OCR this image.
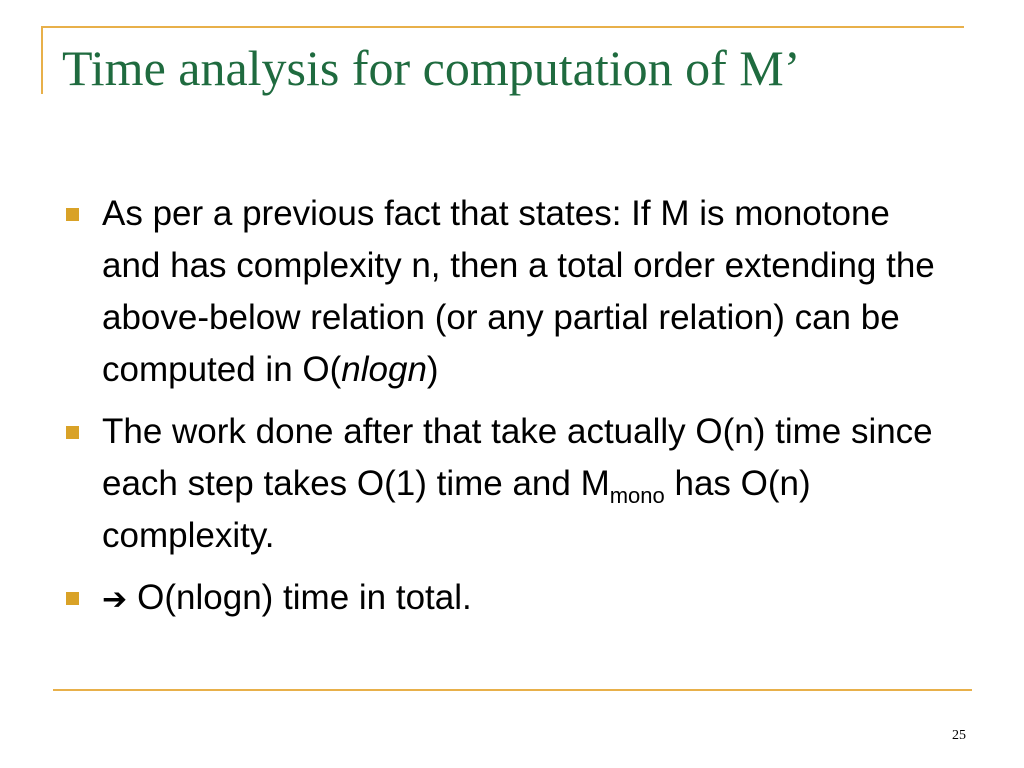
Time analysis for computation of M’
As per a previous fact that states: If M is monotone and has complexity n, then a total order extending the above-below relation (or any partial relation) can be computed in O(nlogn)
The work done after that take actually O(n) time since each step takes O(1) time and $M_{mono}$ has O(n) complexity.
➔ O(nlogn) time in total.
25
